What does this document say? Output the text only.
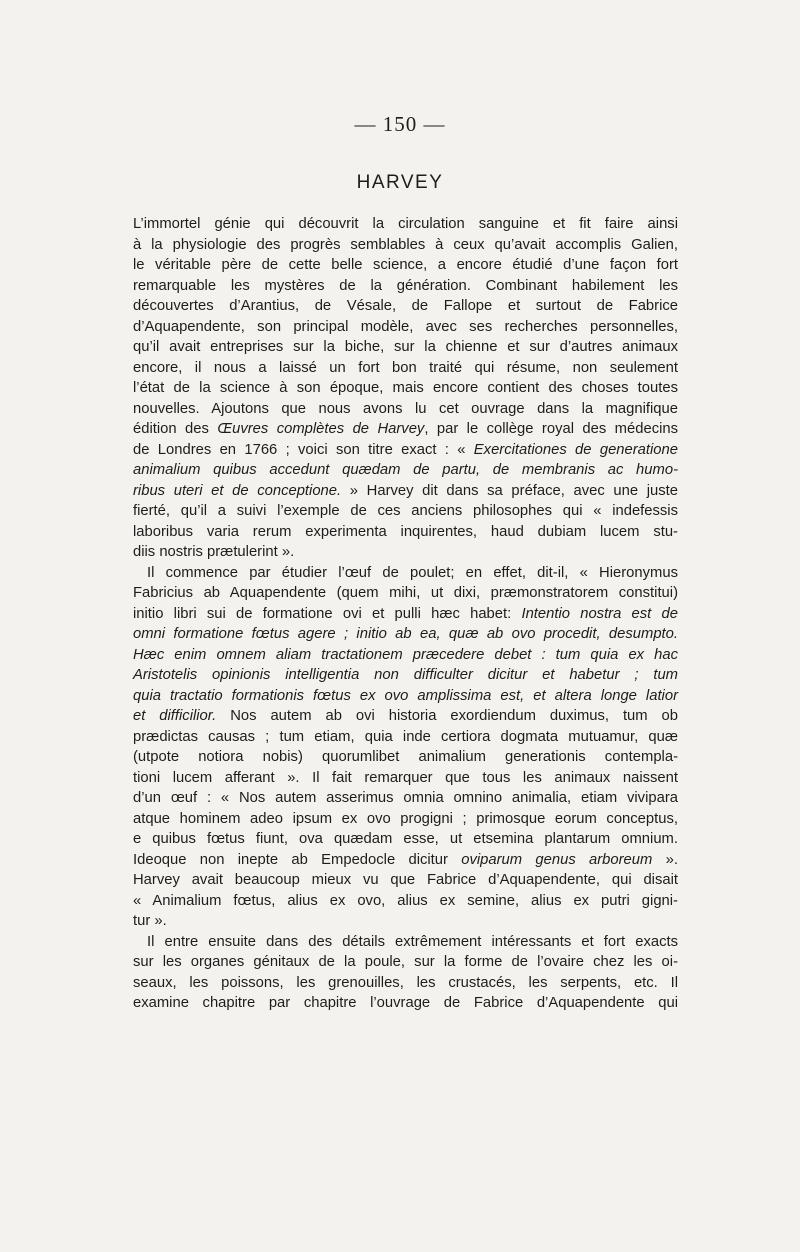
— 150 —
HARVEY
L’immortel génie qui découvrit la circulation sanguine et fit faire ainsi
à la physiologie des progrès semblables à ceux qu’avait accomplis Galien,
le véritable père de cette belle science, a encore étudié d’une façon fort
remarquable les mystères de la génération. Combinant habilement les
découvertes d’Arantius, de Vésale, de Fallope et surtout de Fabrice
d’Aquapendente, son principal modèle, avec ses recherches personnelles,
qu’il avait entreprises sur la biche, sur la chienne et sur d’autres animaux
encore, il nous a laissé un fort bon traité qui résume, non seulement
l’état de la science à son époque, mais encore contient des choses toutes
nouvelles. Ajoutons que nous avons lu cet ouvrage dans la magnifique
édition des Œuvres complètes de Harvey, par le collège royal des médecins
de Londres en 1766 ; voici son titre exact : « Exercitationes de generatione
animalium quibus accedunt quædam de partu, de membranis ac humo-
ribus uteri et de conceptione. » Harvey dit dans sa préface, avec une juste
fierté, qu’il a suivi l’exemple de ces anciens philosophes qui « indefessis
laboribus varia rerum experimenta inquirentes, haud dubiam lucem stu-
diis nostris prætulerint ».
Il commence par étudier l’œuf de poulet; en effet, dit-il, « Hieronymus
Fabricius ab Aquapendente (quem mihi, ut dixi, præmonstratorem constitui)
initio libri sui de formatione ovi et pulli hæc habet: Intentio nostra est de
omni formatione fœtus agere ; initio ab ea, quæ ab ovo procedit, desumpto.
Hæc enim omnem aliam tractationem præcedere debet : tum quia ex hac
Aristotelis opinionis intelligentia non difficulter dicitur et habetur ; tum
quia tractatio formationis fœtus ex ovo amplissima est, et altera longe latior
et difficilior. Nos autem ab ovi historia exordiendum duximus, tum ob
prædictas causas ; tum etiam, quia inde certiora dogmata mutuamur, quæ
(utpote notiora nobis) quorumlibet animalium generationis contempla-
tioni lucem afferant ». Il fait remarquer que tous les animaux naissent
d’un œuf : « Nos autem asserimus omnia omnino animalia, etiam vivipara
atque hominem adeo ipsum ex ovo progigni ; primosque eorum conceptus,
e quibus fœtus fiunt, ova quædam esse, ut etsemina plantarum omnium.
Ideoque non inepte ab Empedocle dicitur oviparum genus arboreum ».
Harvey avait beaucoup mieux vu que Fabrice d’Aquapendente, qui disait
« Animalium fœtus, alius ex ovo, alius ex semine, alius ex putri gigni-
tur ».
Il entre ensuite dans des détails extrêmement intéressants et fort exacts
sur les organes génitaux de la poule, sur la forme de l’ovaire chez les oi-
seaux, les poissons, les grenouilles, les crustacés, les serpents, etc. Il
examine chapitre par chapitre l’ouvrage de Fabrice d’Aquapendente qui
